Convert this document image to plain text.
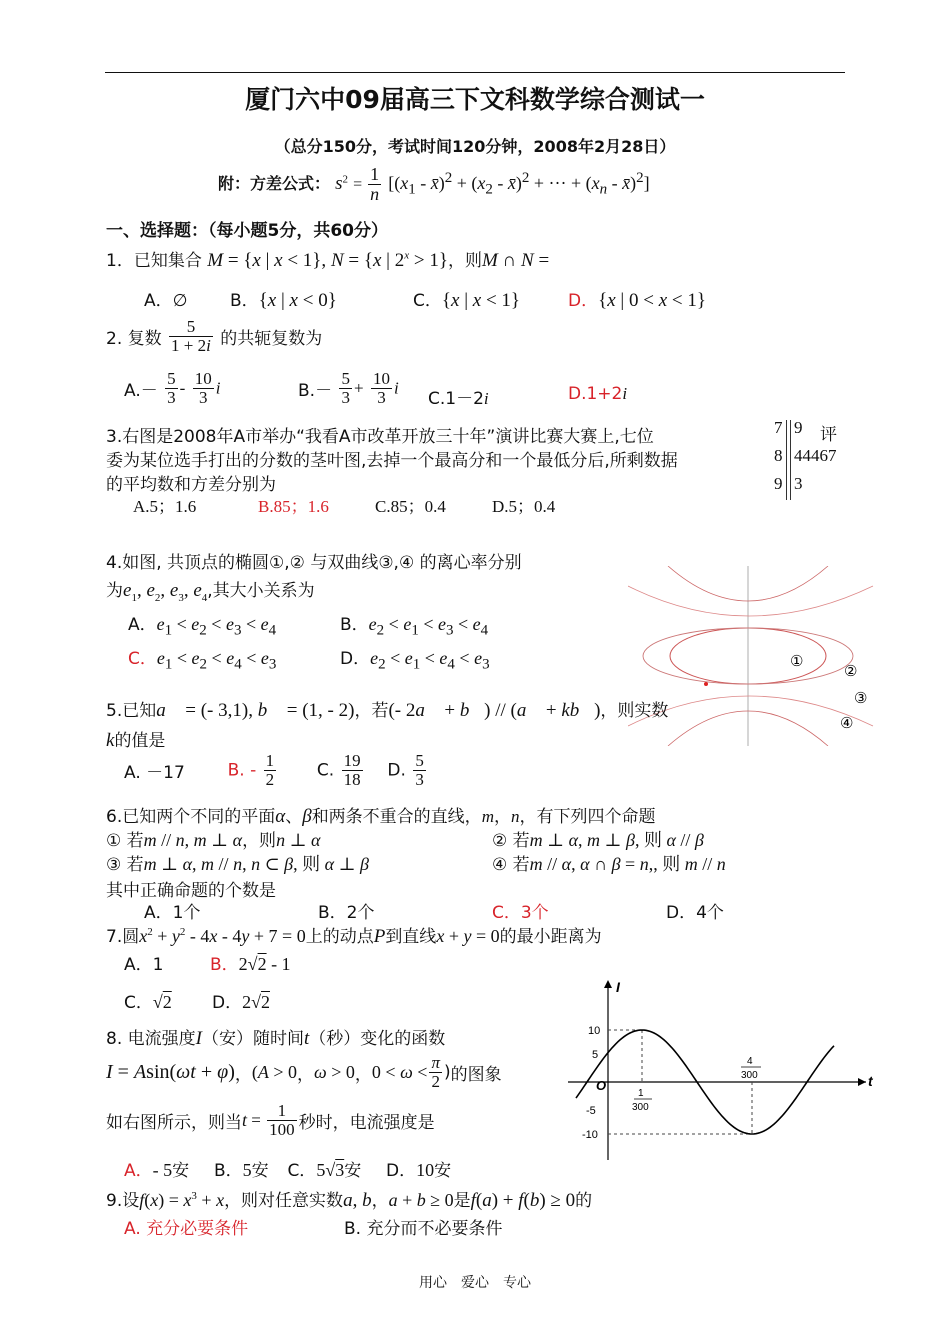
厦门六中09届高三下文科数学综合测试一
（总分150分，考试时间120分钟，2008年2月28日）
附：方差公式： $s^2 = \frac{1}{n} [(x_1$ - x̄)$^2$ + ($x_2$ - x̄)$^2$ + ··· + ($x_n$ - x̄)$^2$]
一、选择题：（每小题5分，共60分）
1．已知集合 M = {x | x < 1}, N = {x | $2^x > 1$}，则M ∩ N =
A．∅	B．{x | x < 0}	C．{x | x < 1}	D．{x | 0 < x < 1}
2. 复数 $\frac{5}{1 + 2i}$ 的共轭复数为
$A.- \frac{5}{3} - \frac{10}{3}$ i	$B.- \frac{5}{3} + \frac{10}{3}$ i
C.1－2i	D.1+2i
3.右图是2008年A市举办“我看A市改革开放三十年”演讲比赛大赛上,七位
委为某位选手打出的分数的茎叶图,去掉一个最高分和一个最低分后,所剩数据
的平均数和方差分别为
A.5；1.6	B.85；1.6	C.85；0.4	D.5；0.4
7 9
8 44467
9 3
评
4.如图, 共顶点的椭圆①,② 与双曲线③,④ 的离心率分别
为$e_1$, $e_2$, $e_3$, $e_4$,其大小关系为
A．$e_1 < e_2 < e_3 < e_4$	B．$e_2 < e_1 < e_3 < e_4$
C．$e_1 < e_2 < e_4 < e_3$	D．$e_2 < e_1 < e_4 < e_3$	①
②
③
④
5.已知a⃗ = (- 3,1), b⃗ = (1, - 2)，若(- 2a⃗ + b⃗) // (a⃗ + kb⃗)，则实数
k的值是
A. －17	B. - $\frac{1}{2} C$. $\frac{19}{18} D$. $\frac{5}{3}$
6.已知两个不同的平面α、β和两条不重合的直线，m，n，有下列四个命题
① 若m // n, m ⊥ α，则n ⊥ α	② 若m ⊥ α, m ⊥ β, 则 α // β
③ 若m ⊥ α, m // n, n ⊂ β, 则 α ⊥ β	④ 若m // α, α ∩ β = n,, 则 m // n
其中正确命题的个数是
A．1个	B．2个	C．3个	D．4个
7.圆$x^2 + y^2 - 4x - 4y + 7 = 0$上的动点P到直线x + y = 0的最小距离为
A．1	B．2√2 - 1
C．√2 D．2√2
8. 电流强度I（安）随时间t（秒）变化的函数
I = Asin(ωt + φ)，(A > 0，ω > 0，$0 < \omega < \frac{\pi}{2}$ )的图象
如右图所示，则当$t = \frac{1}{100}$ 秒时，电流强度是
A．- 5安 B．5安 C．5√3安 D．10安
I
t
O
10
5
-5
-10
1
300
4
300
9.设$f(x) = x^3 + x$，则对任意实数a, b，a + b ≥ 0是f(a) + f(b) ≥ 0的
A. 充分必要条件	B. 充分而不必要条件
用心　爱心　专心
